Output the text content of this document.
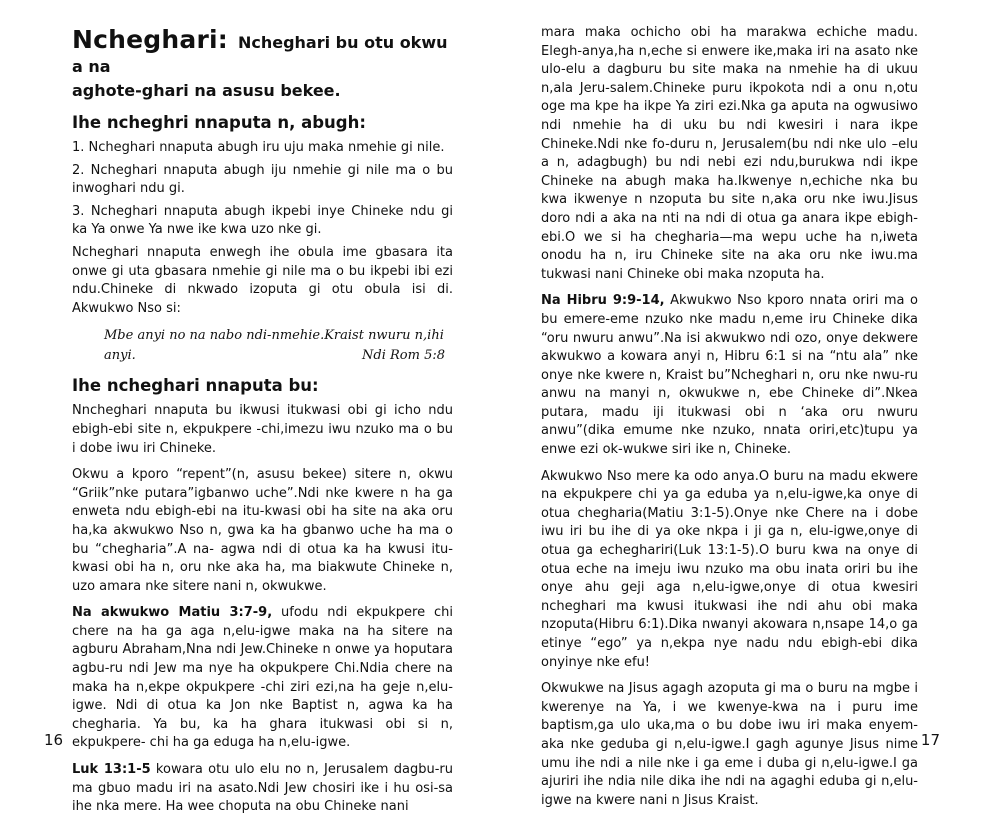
Ncheghari: Ncheghari bu otu okwu a na
aghote-ghari na asusu bekee.
Ihe ncheghri nnaputa n, abugh:

1. Ncheghari nnaputa abugh iru uju maka nmehie gi nile.

2. Ncheghari nnaputa abugh iju nmehie gi nile ma o bu inwoghari ndu gi.

3. Ncheghari nnaputa abugh ikpebi inye Chineke ndu gi ka Ya onwe Ya nwe ike kwa uzo nke gi.

Ncheghari nnaputa enwegh ihe obula ime gbasara ita onwe gi uta gbasara nmehie gi nile ma o bu ikpebi ibi ezi ndu.Chineke di nkwado izoputa gi otu obula isi di. Akwukwo Nso si:

Mbe anyi no na nabo ndi-nmehie.Kraist nwuru n,ihi
anyi.	Ndi Rom 5:8
Ihe ncheghari nnaputa bu:

Nncheghari nnaputa bu ikwusi itukwasi obi gi icho ndu ebigh-ebi site n, ekpukpere -chi,imezu iwu nzuko ma o bu i dobe iwu iri Chineke.

Okwu a kporo “repent”(n, asusu bekee) sitere n, okwu “Griik”nke putara”igbanwo uche”.Ndi nke kwere n ha ga enweta ndu ebigh-ebi na itu-kwasi obi ha site na aka oru ha,ka akwukwo Nso n, gwa ka ha gbanwo uche ha ma o bu “chegharia”.A na- agwa ndi di otua ka ha kwusi itu-kwasi obi ha n, oru nke aka ha, ma biakwute Chineke n, uzo amara nke sitere nani n, okwukwe.

Na akwukwo Matiu 3:7-9, ufodu ndi ekpukpere chi chere na ha ga aga n,elu-igwe maka na ha sitere na agburu Abraham,Nna ndi Jew.Chineke n onwe ya hoputara agbu-ru ndi Jew ma nye ha okpukpere Chi.Ndia chere na maka ha n,ekpe okpukpere -chi ziri ezi,na ha geje n,elu-igwe. Ndi di otua ka Jon nke Baptist n, agwa ka ha chegharia. Ya bu, ka ha ghara itukwasi obi si n, ekpukpere- chi ha ga eduga ha n,elu-igwe.

Luk 13:1-5 kowara otu ulo elu no n, Jerusalem dagbu-ru ma gbuo madu iri na asato.Ndi Jew chosiri ike i hu osi-sa ihe nka mere. Ha wee choputa na obu Chineke nani

16

mara maka ochicho obi ha marakwa echiche madu. Elegh-anya,ha n,eche si enwere ike,maka iri na asato nke ulo-elu a dagburu bu site maka na nmehie ha di ukuu n,ala Jeru-salem.Chineke puru ikpokota ndi a onu n,otu oge ma kpe ha ikpe Ya ziri ezi.Nka ga aputa na ogwusiwo ndi nmehie ha di uku bu ndi kwesiri i nara ikpe Chineke.Ndi nke fo-duru n, Jerusalem(bu ndi nke ulo –elu a n, adagbugh) bu ndi nebi ezi ndu,burukwa ndi ikpe Chineke na abugh maka ha.Ikwenye n,echiche nka bu kwa ikwenye n nzoputa bu site n,aka oru nke iwu.Jisus doro ndi a aka na nti na ndi di otua ga anara ikpe ebigh-ebi.O we si ha chegharia—ma wepu uche ha n,iweta onodu ha n, iru Chineke site na aka oru nke iwu.ma tukwasi nani Chineke obi maka nzoputa ha.

Na Hibru 9:9-14, Akwukwo Nso kporo nnata oriri ma o bu emere-eme nzuko nke madu n,eme iru Chineke dika “oru nwuru anwu”.Na isi akwukwo ndi ozo, onye dekwere akwukwo a kowara anyi n, Hibru 6:1 si na “ntu ala” nke onye nke kwere n, Kraist bu”Ncheghari n, oru nke nwu-ru anwu na manyi n, okwukwe n, ebe Chineke di”.Nkea putara, madu iji itukwasi obi n ‘aka oru nwuru anwu”(dika emume nke nzuko, nnata oriri,etc)tupu ya enwe ezi ok-wukwe siri ike n, Chineke.

Akwukwo Nso mere ka odo anya.O buru na madu ekwere na ekpukpere chi ya ga eduba ya n,elu-igwe,ka onye di otua chegharia(Matiu 3:1-5).Onye nke Chere na i dobe iwu iri bu ihe di ya oke nkpa i ji ga n, elu-igwe,onye di otua ga echeghariri(Luk 13:1-5).O buru kwa na onye di otua eche na imeju iwu nzuko ma obu inata oriri bu ihe onye ahu geji aga n,elu-igwe,onye di otua kwesiri ncheghari ma kwusi itukwasi ihe ndi ahu obi maka nzoputa(Hibru 6:1).Dika nwanyi akowara n,nsape 14,o ga etinye “ego” ya n,ekpa nye nadu ndu ebigh-ebi dika onyinye nke efu!

Okwukwe na Jisus agagh azoputa gi ma o buru na mgbe i kwerenye na Ya, i we kwenye-kwa na i puru ime baptism,ga ulo uka,ma o bu dobe iwu iri maka enyem-aka nke geduba gi n,elu-igwe.I gagh agunye Jisus nime umu ihe ndi a nile nke i ga eme i duba gi n,elu-igwe.I ga ajuriri ihe ndia nile dika ihe ndi na agaghi eduba gi n,elu-igwe na kwere nani n Jisus Kraist.

17
